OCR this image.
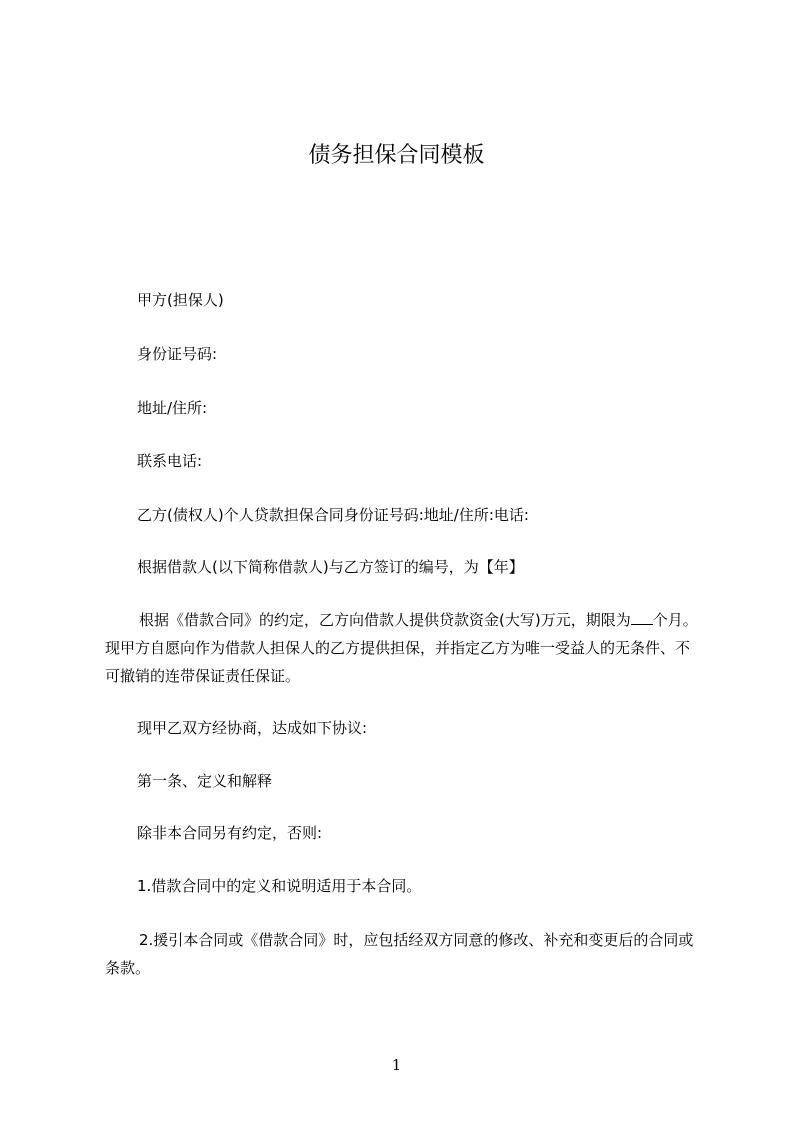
债务担保合同模板

甲方(担保人)

身份证号码:

地址/住所:

联系电话:

乙方(债权人)个人贷款担保合同身份证号码:地址/住所:电话:

根据借款人(以下简称借款人)与乙方签订的编号，为【年】

根据《借款合同》的约定，乙方向借款人提供贷款资金(大写)万元，期限为 个月。现甲方自愿向作为借款人担保人的乙方提供担保，并指定乙方为唯一受益人的无条件、不可撤销的连带保证责任保证。

现甲乙双方经协商，达成如下协议:

第一条、定义和解释

除非本合同另有约定，否则:

1.借款合同中的定义和说明适用于本合同。

2.援引本合同或《借款合同》时，应包括经双方同意的修改、补充和变更后的合同或条款。

1
